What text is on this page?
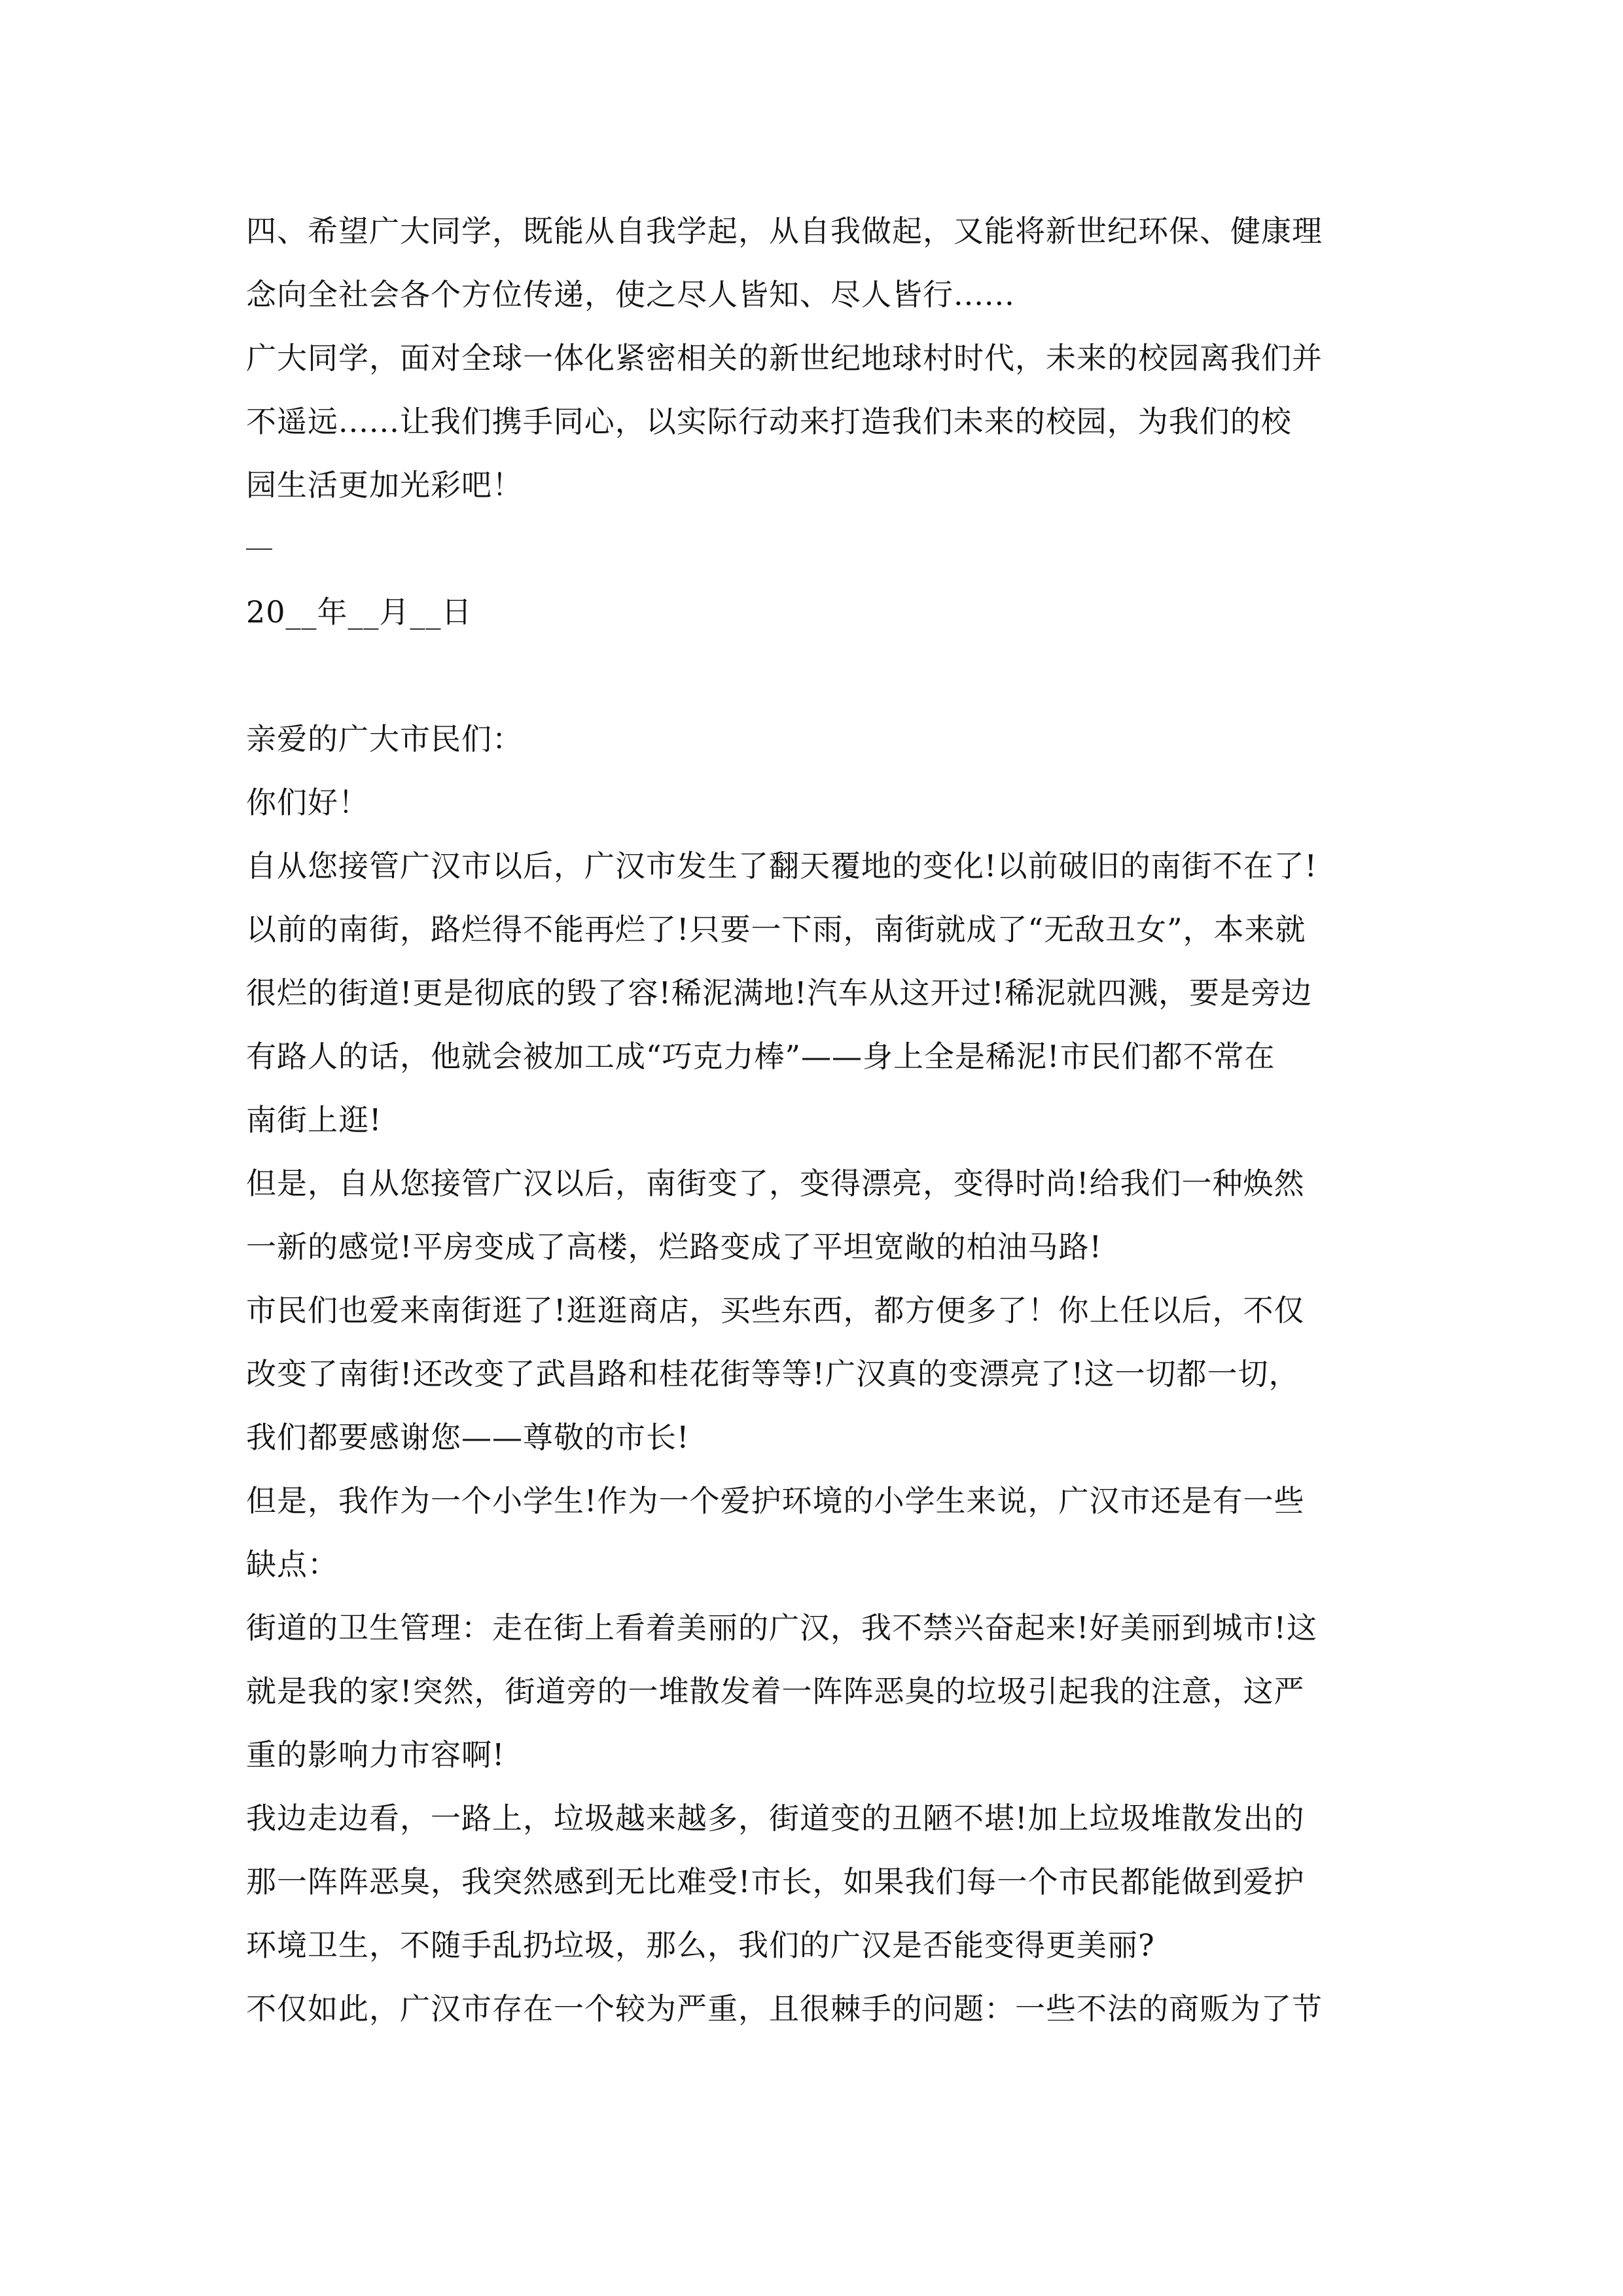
四、希望广大同学，既能从自我学起，从自我做起，又能将新世纪环保、健康理
念向全社会各个方位传递，使之尽人皆知、尽人皆行......
广大同学，面对全球一体化紧密相关的新世纪地球村时代，未来的校园离我们并
不遥远......让我们携手同心，以实际行动来打造我们未来的校园，为我们的校
园生活更加光彩吧！
20__年__月__日
亲爱的广大市民们：
你们好！
自从您接管广汉市以后，广汉市发生了翻天覆地的变化!以前破旧的南街不在了!
以前的南街，路烂得不能再烂了!只要一下雨，南街就成了“无敌丑女”，本来就
很烂的街道!更是彻底的毁了容!稀泥满地!汽车从这开过!稀泥就四溅，要是旁边
有路人的话，他就会被加工成“巧克力棒”——身上全是稀泥!市民们都不常在
南街上逛!
但是，自从您接管广汉以后，南街变了，变得漂亮，变得时尚!给我们一种焕然
一新的感觉!平房变成了高楼，烂路变成了平坦宽敞的柏油马路!
市民们也爱来南街逛了!逛逛商店，买些东西，都方便多了！你上任以后，不仅
改变了南街!还改变了武昌路和桂花街等等!广汉真的变漂亮了!这一切都一切，
我们都要感谢您——尊敬的市长!
但是，我作为一个小学生!作为一个爱护环境的小学生来说，广汉市还是有一些
缺点：
街道的卫生管理：走在街上看着美丽的广汉，我不禁兴奋起来!好美丽到城市!这
就是我的家!突然，街道旁的一堆散发着一阵阵恶臭的垃圾引起我的注意，这严
重的影响力市容啊!
我边走边看，一路上，垃圾越来越多，街道变的丑陋不堪!加上垃圾堆散发出的
那一阵阵恶臭，我突然感到无比难受!市长，如果我们每一个市民都能做到爱护
环境卫生，不随手乱扔垃圾，那么，我们的广汉是否能变得更美丽?
不仅如此，广汉市存在一个较为严重，且很棘手的问题：一些不法的商贩为了节
